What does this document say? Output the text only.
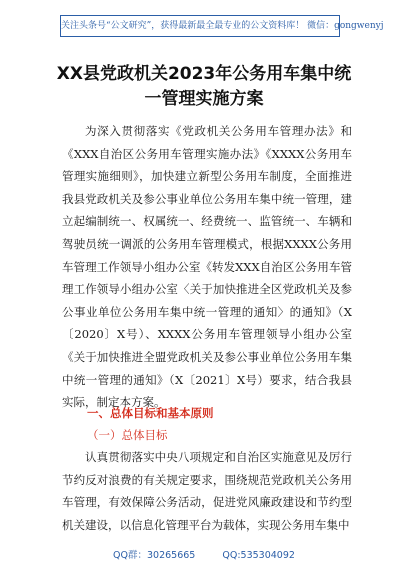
关注头条号“公文研究”，获得最新最全最专业的公文资料库！ 微信：gongwenyj
XX县党政机关2023年公务用车集中统
一管理实施方案

为深入贯彻落实《党政机关公务用车管理办法》和《XXX自治区公务用车管理实施办法》《XXXX公务用车管理实施细则》，加快建立新型公务用车制度，全面推进我县党政机关及参公事业单位公务用车集中统一管理，建立起编制统一、权属统一、经费统一、监管统一、车辆和驾驶员统一调派的公务用车管理模式，根据XXXX公务用车管理工作领导小组办公室《转发XXX自治区公务用车管理工作领导小组办公室〈关于加快推进全区党政机关及参公事业单位公务用车集中统一管理的通知〉的通知》（X〔2020〕X号）、XXXX公务用车管理领导小组办公室《关于加快推进全盟党政机关及参公事业单位公务用车集中统一管理的通知》（X〔2021〕X号）要求，结合我县实际，制定本方案。

一、总体目标和基本原则
（一）总体目标

认真贯彻落实中央八项规定和自治区实施意见及厉行节约反对浪费的有关规定要求，围绕规范党政机关公务用车管理，有效保障公务活动，促进党风廉政建设和节约型机关建设，以信息化管理平台为载体，实现公务用车集中

QQ群：30265665	QQ:535304092
